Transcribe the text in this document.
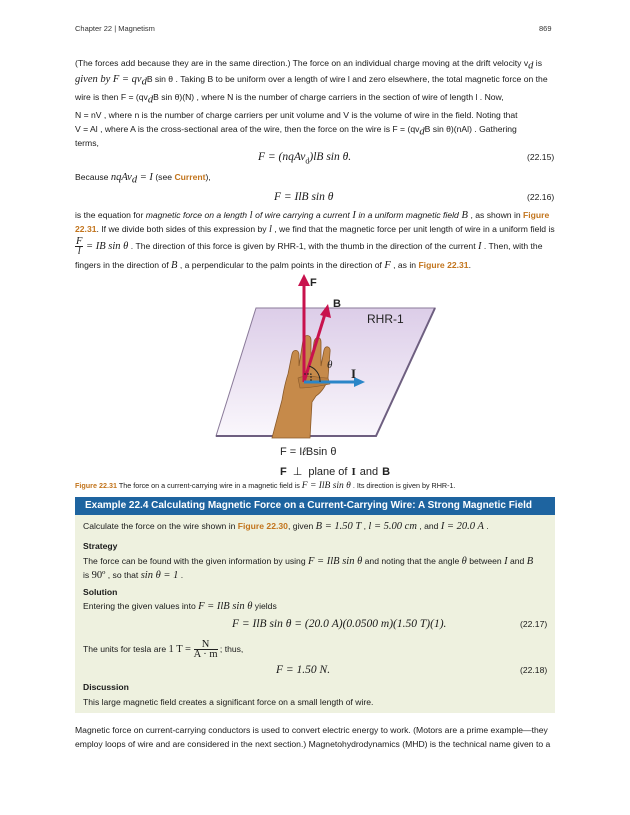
Chapter 22 | Magnetism	869
(The forces add because they are in the same direction.) The force on an individual charge moving at the drift velocity $v_d$ is
given by $F = qv_dB$ sin θ . Taking B to be uniform over a length of wire l and zero elsewhere, the total magnetic force on the
wire is then $F = (qv_dB$ sin θ)(N) , where N is the number of charge carriers in the section of wire of length l . Now,
N = nV , where n is the number of charge carriers per unit volume and V is the volume of wire in the field. Noting that
V = Al , where A is the cross-sectional area of the wire, then the force on the wire is $F = (qv_dB$ sin θ)(nAl) . Gathering
terms,
F = (nqAv$_d$)lB sin θ.	(22.15)
Because nqAv$_d$ = I (see Current),
F = IlB sin θ	(22.16)
is the equation for magnetic force on a length l of wire carrying a current I in a uniform magnetic field B , as shown in Figure
22.31. If we divide both sides of this expression by l , we find that the magnetic force per unit length of wire in a uniform field is
$\frac{F}{l}$ = IB sin θ . The direction of this force is given by RHR-1, with the thumb in the direction of the current I . Then, with the
fingers in the direction of B , a perpendicular to the palm points in the direction of F , as in Figure 22.31.
RHR-1
F
B
I
θ
F = IℓBsin θ
F ⊥ plane of I and B
Figure 22.31 The force on a current-carrying wire in a magnetic field is F = IlB sin θ . Its direction is given by RHR-1.
Example 22.4 Calculating Magnetic Force on a Current-Carrying Wire: A Strong Magnetic Field
Calculate the force on the wire shown in Figure 22.30, given B = 1.50 T , l = 5.00 cm , and I = 20.0 A .
Strategy
The force can be found with the given information by using F = IlB sin θ and noting that the angle θ between I and B
is 90º , so that sin θ = 1 .
Solution
Entering the given values into F = IlB sin θ yields
F = IlB sin θ = (20.0 A)(0.0500 m)(1.50 T)(1).	(22.17)
The units for tesla are 1 $T = \frac{N}{A \cdot m}$ ; thus,
F = 1.50 N.	(22.18)
Discussion
This large magnetic field creates a significant force on a small length of wire.
Magnetic force on current-carrying conductors is used to convert electric energy to work. (Motors are a prime example—they
employ loops of wire and are considered in the next section.) Magnetohydrodynamics (MHD) is the technical name given to a
